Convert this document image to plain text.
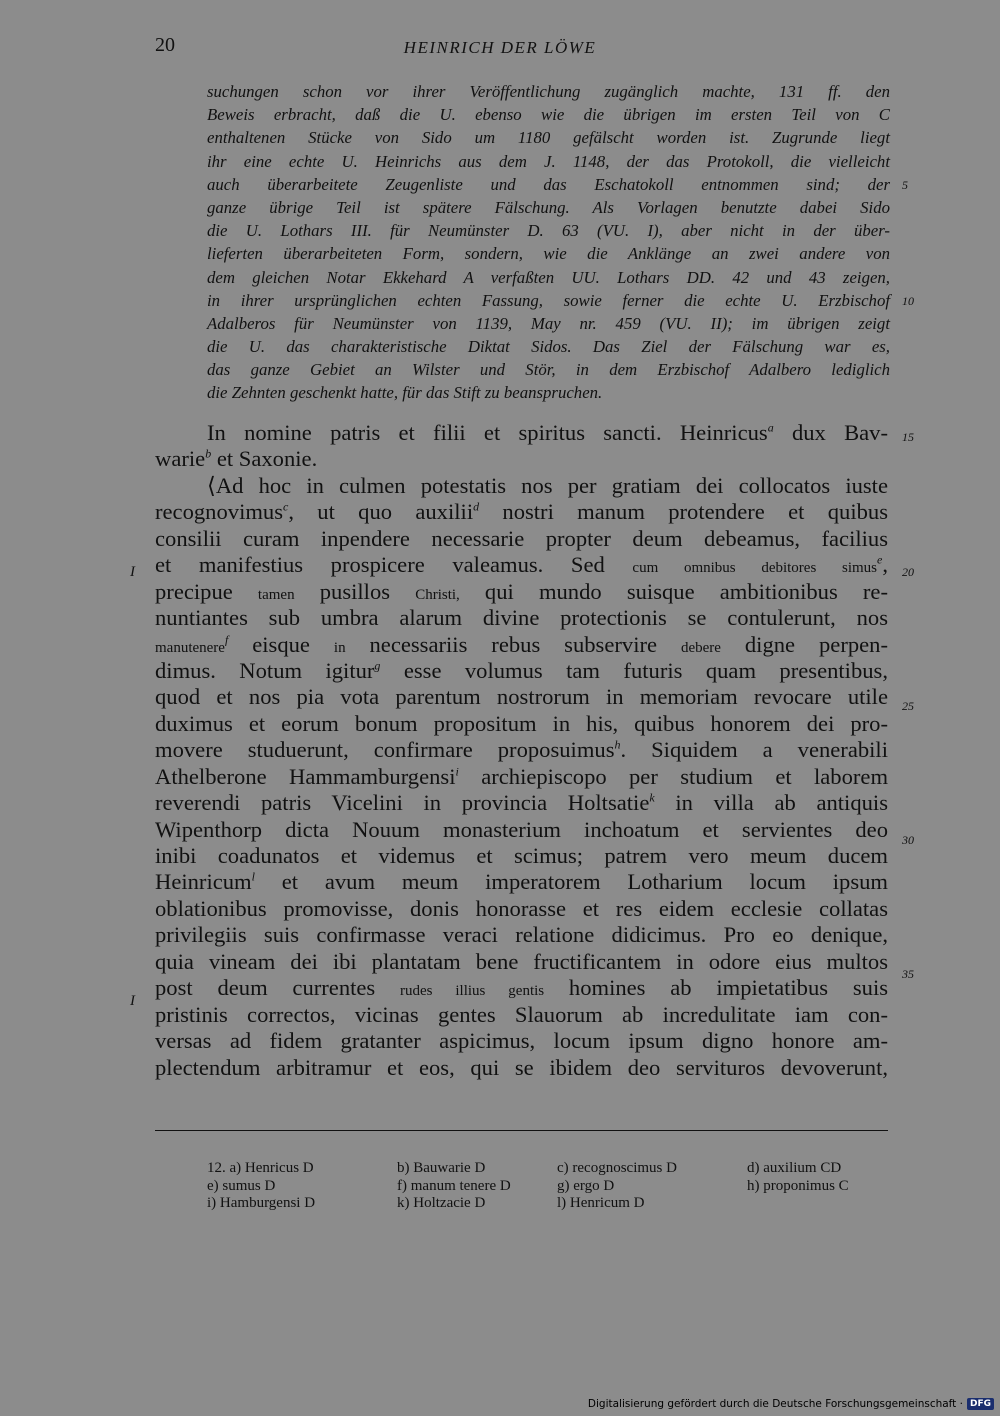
20	HEINRICH DER LÖWE
suchungen schon vor ihrer Veröffentlichung zugänglich machte, 131 ff. den
Beweis erbracht, daß die U. ebenso wie die übrigen im ersten Teil von C
enthaltenen Stücke von Sido um 1180 gefälscht worden ist. Zugrunde liegt
ihr eine echte U. Heinrichs aus dem J. 1148, der das Protokoll, die vielleicht
auch überarbeitete Zeugenliste und das Eschatokoll entnommen sind; der
ganze übrige Teil ist spätere Fälschung. Als Vorlagen benutzte dabei Sido
die U. Lothars III. für Neumünster D. 63 (VU. I), aber nicht in der über-
lieferten überarbeiteten Form, sondern, wie die Anklänge an zwei andere von
dem gleichen Notar Ekkehard A verfaßten UU. Lothars DD. 42 und 43 zeigen,
in ihrer ursprünglichen echten Fassung, sowie ferner die echte U. Erzbischof
Adalberos für Neumünster von 1139, May nr. 459 (VU. II); im übrigen zeigt
die U. das charakteristische Diktat Sidos. Das Ziel der Fälschung war es,
das ganze Gebiet an Wilster und Stör, in dem Erzbischof Adalbero lediglich
die Zehnten geschenkt hatte, für das Stift zu beanspruchen.
5
10
In nomine patris et filii et spiritus sancti. Heinricus$^a$ dux Bav-
warie$^b$ et Saxonie.
⟨Ad hoc in culmen potestatis nos per gratiam dei collocatos iuste
recognovimus$^c$, ut quo auxilii$^d$ nostri manum protendere et quibus
consilii curam inpendere necessarie propter deum debeamus, facilius
et manifestius prospicere valeamus. Sed cum omnibus debitores simus$^e$,
precipue tamen pusillos Christi, qui mundo suisque ambitionibus re-
nuntiantes sub umbra alarum divine protectionis se contulerunt, nos
manutenere$^f$ eisque in necessariis rebus subservire debere digne perpen-
dimus. Notum igitur$^g$ esse volumus tam futuris quam presentibus,
quod et nos pia vota parentum nostrorum in memoriam revocare utile
duximus et eorum bonum propositum in his, quibus honorem dei pro-
movere studuerunt, confirmare proposuimus$^h$. Siquidem a venerabili
Athelberone Hammamburgensi$^i$ archiepiscopo per studium et laborem
reverendi patris Vicelini in provincia Holtsatie$^k$ in villa ab antiquis
Wipenthorp dicta Nouum monasterium inchoatum et servientes deo
inibi coadunatos et videmus et scimus; patrem vero meum ducem
Heinricum$^l$ et avum meum imperatorem Lotharium locum ipsum
oblationibus promovisse, donis honorasse et res eidem ecclesie collatas
privilegiis suis confirmasse veraci relatione didicimus. Pro eo denique,
quia vineam dei ibi plantatam bene fructificantem in odore eius multos
post deum currentes rudes illius gentis homines ab impietatibus suis
pristinis correctos, vicinas gentes Slauorum ab incredulitate iam con-
versas ad fidem gratanter aspicimus, locum ipsum digno honore am-
plectendum arbitramur et eos, qui se ibidem deo servituros devoverunt,
15
20
25
30
35
I
I
12. a) Henricus D	b) Bauwarie D	c) recognoscimus D	d) auxilium CD
e) sumus D	f) manum tenere D	g) ergo D	h) proponimus C
i) Hamburgensi D	k) Holtzacie D	l) Henricum D
Digitalisierung gefördert durch die Deutsche Forschungsgemeinschaft · DFG
